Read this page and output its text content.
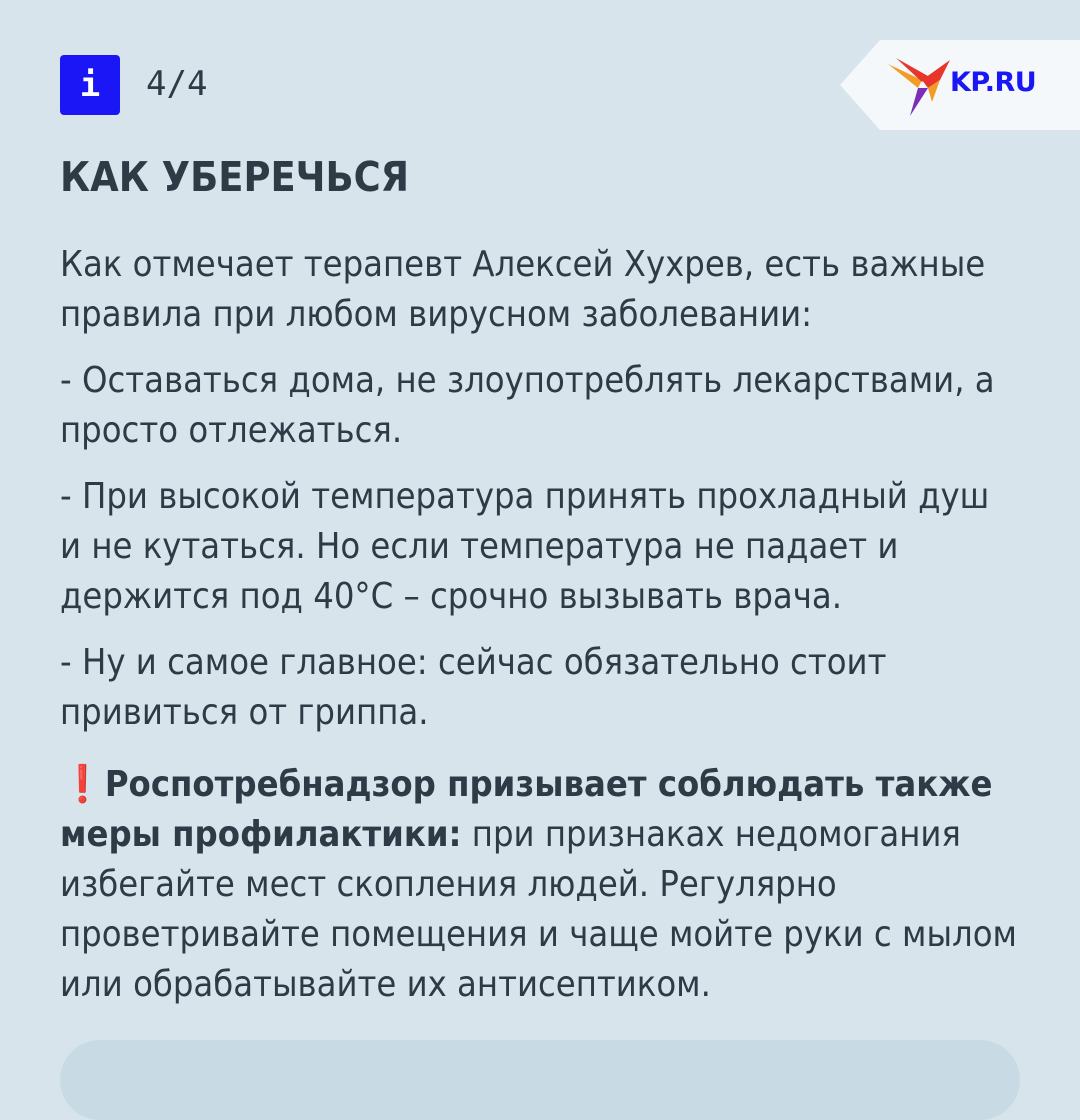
i 4/4	KP.RU
КАК УБЕРЕЧЬСЯ

Как отмечает терапевт Алексей Хухрев, есть важные правила при любом вирусном заболевании:

- Оставаться дома, не злоупотреблять лекарствами, а просто отлежаться.

- При высокой температура принять прохладный душ и не кутаться. Но если температура не падает и держится под 40°С – срочно вызывать врача.

- Ну и самое главное: сейчас обязательно стоит привиться от гриппа.

❗Роспотребнадзор призывает соблюдать также меры профилактики: при признаках недомогания избегайте мест скопления людей. Регулярно проветривайте помещения и чаще мойте руки с мылом или обрабатывайте их антисептиком.
